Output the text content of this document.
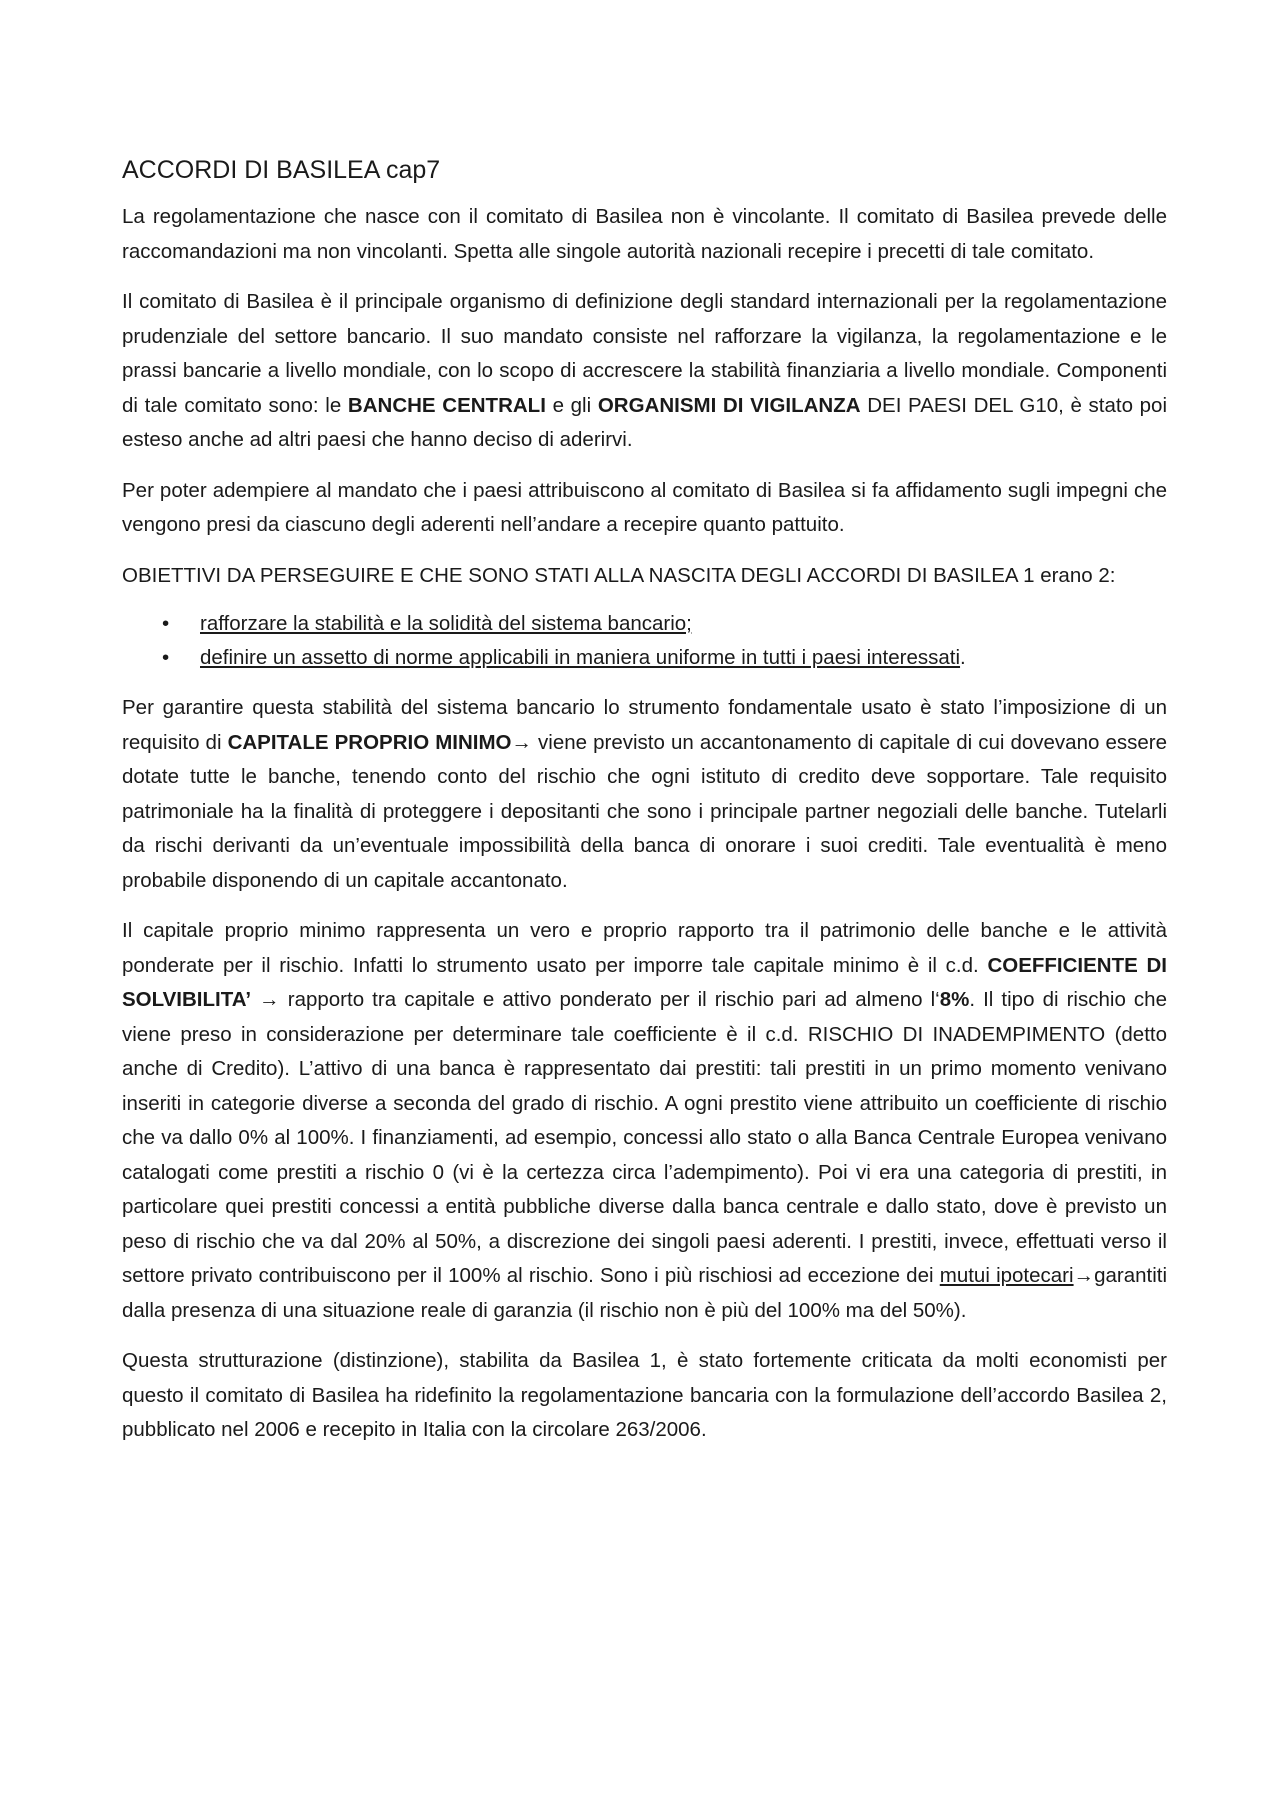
ACCORDI DI BASILEA cap7

La regolamentazione che nasce con il comitato di Basilea non è vincolante. Il comitato di Basilea prevede delle raccomandazioni ma non vincolanti. Spetta alle singole autorità nazionali recepire i precetti di tale comitato.

Il comitato di Basilea è il principale organismo di definizione degli standard internazionali per la regolamentazione prudenziale del settore bancario. Il suo mandato consiste nel rafforzare la vigilanza, la regolamentazione e le prassi bancarie a livello mondiale, con lo scopo di accrescere la stabilità finanziaria a livello mondiale. Componenti di tale comitato sono: le BANCHE CENTRALI e gli ORGANISMI DI VIGILANZA DEI PAESI DEL G10, è stato poi esteso anche ad altri paesi che hanno deciso di aderirvi.

Per poter adempiere al mandato che i paesi attribuiscono al comitato di Basilea si fa affidamento sugli impegni che vengono presi da ciascuno degli aderenti nell’andare a recepire quanto pattuito.

OBIETTIVI DA PERSEGUIRE E CHE SONO STATI ALLA NASCITA DEGLI ACCORDI DI BASILEA 1 erano 2:

• rafforzare la stabilità e la solidità del sistema bancario;
• definire un assetto di norme applicabili in maniera uniforme in tutti i paesi interessati.

Per garantire questa stabilità del sistema bancario lo strumento fondamentale usato è stato l’imposizione di un requisito di CAPITALE PROPRIO MINIMO→ viene previsto un accantonamento di capitale di cui dovevano essere dotate tutte le banche, tenendo conto del rischio che ogni istituto di credito deve sopportare. Tale requisito patrimoniale ha la finalità di proteggere i depositanti che sono i principale partner negoziali delle banche. Tutelarli da rischi derivanti da un’eventuale impossibilità della banca di onorare i suoi crediti. Tale eventualità è meno probabile disponendo di un capitale accantonato.

Il capitale proprio minimo rappresenta un vero e proprio rapporto tra il patrimonio delle banche e le attività ponderate per il rischio. Infatti lo strumento usato per imporre tale capitale minimo è il c.d. COEFFICIENTE DI SOLVIBILITA’ → rapporto tra capitale e attivo ponderato per il rischio pari ad almeno l‘8%. Il tipo di rischio che viene preso in considerazione per determinare tale coefficiente è il c.d. RISCHIO DI INADEMPIMENTO (detto anche di Credito). L’attivo di una banca è rappresentato dai prestiti: tali prestiti in un primo momento venivano inseriti in categorie diverse a seconda del grado di rischio. A ogni prestito viene attribuito un coefficiente di rischio che va dallo 0% al 100%. I finanziamenti, ad esempio, concessi allo stato o alla Banca Centrale Europea venivano catalogati come prestiti a rischio 0 (vi è la certezza circa l’adempimento). Poi vi era una categoria di prestiti, in particolare quei prestiti concessi a entità pubbliche diverse dalla banca centrale e dallo stato, dove è previsto un peso di rischio che va dal 20% al 50%, a discrezione dei singoli paesi aderenti. I prestiti, invece, effettuati verso il settore privato contribuiscono per il 100% al rischio. Sono i più rischiosi ad eccezione dei mutui ipotecari→garantiti dalla presenza di una situazione reale di garanzia (il rischio non è più del 100% ma del 50%).

Questa strutturazione (distinzione), stabilita da Basilea 1, è stato fortemente criticata da molti economisti per questo il comitato di Basilea ha ridefinito la regolamentazione bancaria con la formulazione dell’accordo Basilea 2, pubblicato nel 2006 e recepito in Italia con la circolare 263/2006.
